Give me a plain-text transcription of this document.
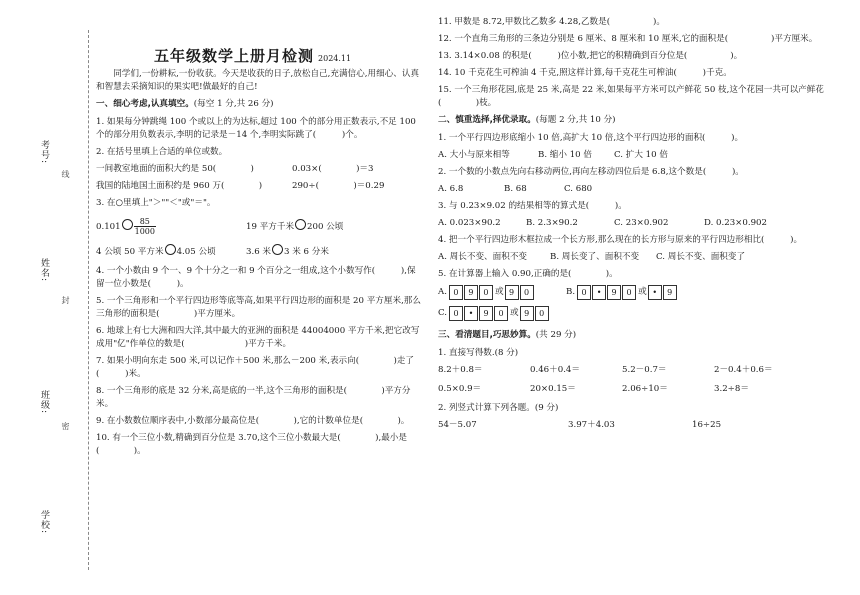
考号:
姓名:
班级:
学校:
线
封
密
五年级数学上册月检测 2024.11

同学们,一份耕耘,一份收获。今天是收获的日子,放松自己,充满信心,用细心、认真和智慧去采摘知识的果实吧!做最好的自己!

一、细心考虑,认真填空。(每空 1 分,共 26 分)

1. 如果每分钟跳绳 100 个或以上的为达标,超过 100 个的部分用正数表示,不足 100 个的部分用负数表示,李明的记录是－14 个,李明实际跳了(　　　)个。

2. 在括号里填上合适的单位或数。

一间教室地面的面积大约是 50(　　　　)	0.03×(　　　　)＝3
我国的陆地国土面积约是 960 万(　　　　)	290÷(　　　　)＝0.29

3. 在○里填上"＞""＜"或"＝"。

$0.101 \frac{85}{1000}$	19 平方千米 200 公顷
4 公顷 50 平方米 4.05 公顷	3.6 米 3 米 6 分米

4. 一个小数由 9 个一、9 个十分之一和 9 个百分之一组成,这个小数写作(　　　),保留一位小数是(　　　)。

5. 一个三角形和一个平行四边形等底等高,如果平行四边形的面积是 20 平方厘米,那么三角形的面积是(　　　　)平方厘米。

6. 地球上有七大洲和四大洋,其中最大的亚洲的面积是 44004000 平方千米,把它改写成用"亿"作单位的数是(　　　　　　　)平方千米。

7. 如果小明向东走 500 米,可以记作＋500 米,那么－200 米,表示向(　　　　)走了(　　　)米。

8. 一个三角形的底是 32 分米,高是底的一半,这个三角形的面积是(　　　　)平方分米。

9. 在小数数位顺序表中,小数部分最高位是(　　　　),它的计数单位是(　　　　)。

10. 有一个三位小数,精确到百分位是 3.70,这个三位小数最大是(　　　　),最小是(　　　　)。

11. 甲数是 8.72,甲数比乙数多 4.28,乙数是(　　　　　)。

12. 一个直角三角形的三条边分别是 6 厘米、8 厘米和 10 厘米,它的面积是(　　　　　)平方厘米。

13. 3.14×0.08 的积是(　　　)位小数,把它的积精确到百分位是(　　　　　)。

14. 10 千克花生可榨油 4 千克,照这样计算,每千克花生可榨油(　　　)千克。

15. 一个三角形花园,底是 25 米,高是 22 米,如果每平方米可以产鲜花 50 枝,这个花园一共可以产鲜花(　　　　)枝。

二、慎重选择,择优录取。(每题 2 分,共 10 分)

1. 一个平行四边形底缩小 10 倍,高扩大 10 倍,这个平行四边形的面积(　　　)。

A. 大小与原来相等	B. 缩小 10 倍	C. 扩大 10 倍

2. 一个数的小数点先向右移动两位,再向左移动四位后是 6.8,这个数是(　　　)。

A. 6.8	B. 68	C. 680

3. 与 0.23×9.02 的结果相等的算式是(　　　)。

A. 0.023×90.2	B. 2.3×90.2	C. 23×0.902	D. 0.23×0.902

4. 把一个平行四边形木框拉成一个长方形,那么现在的长方形与原来的平行四边形相比(　　　)。

A. 周长不变、面积不变	B. 周长变了、面积不变	C. 周长不变、面积变了

5. 在计算器上输入 0.90,正确的是(　　　　)。

A. 0	9	0 或 9	0	B. 0	•	9	0 或 •	9
C. 0	•	9	0 或 9	0
三、看清题目,巧思妙算。(共 29 分)

1. 直接写得数.(8 分)

8.2＋0.8＝	0.46＋0.4＝	5.2－0.7＝	2－0.4＋0.6＝
0.5×0.9＝	20×0.15＝	2.06÷10＝	3.2÷8＝

2. 列竖式计算下列各题。(9 分)

54－5.07	3.97＋4.03	16÷25
